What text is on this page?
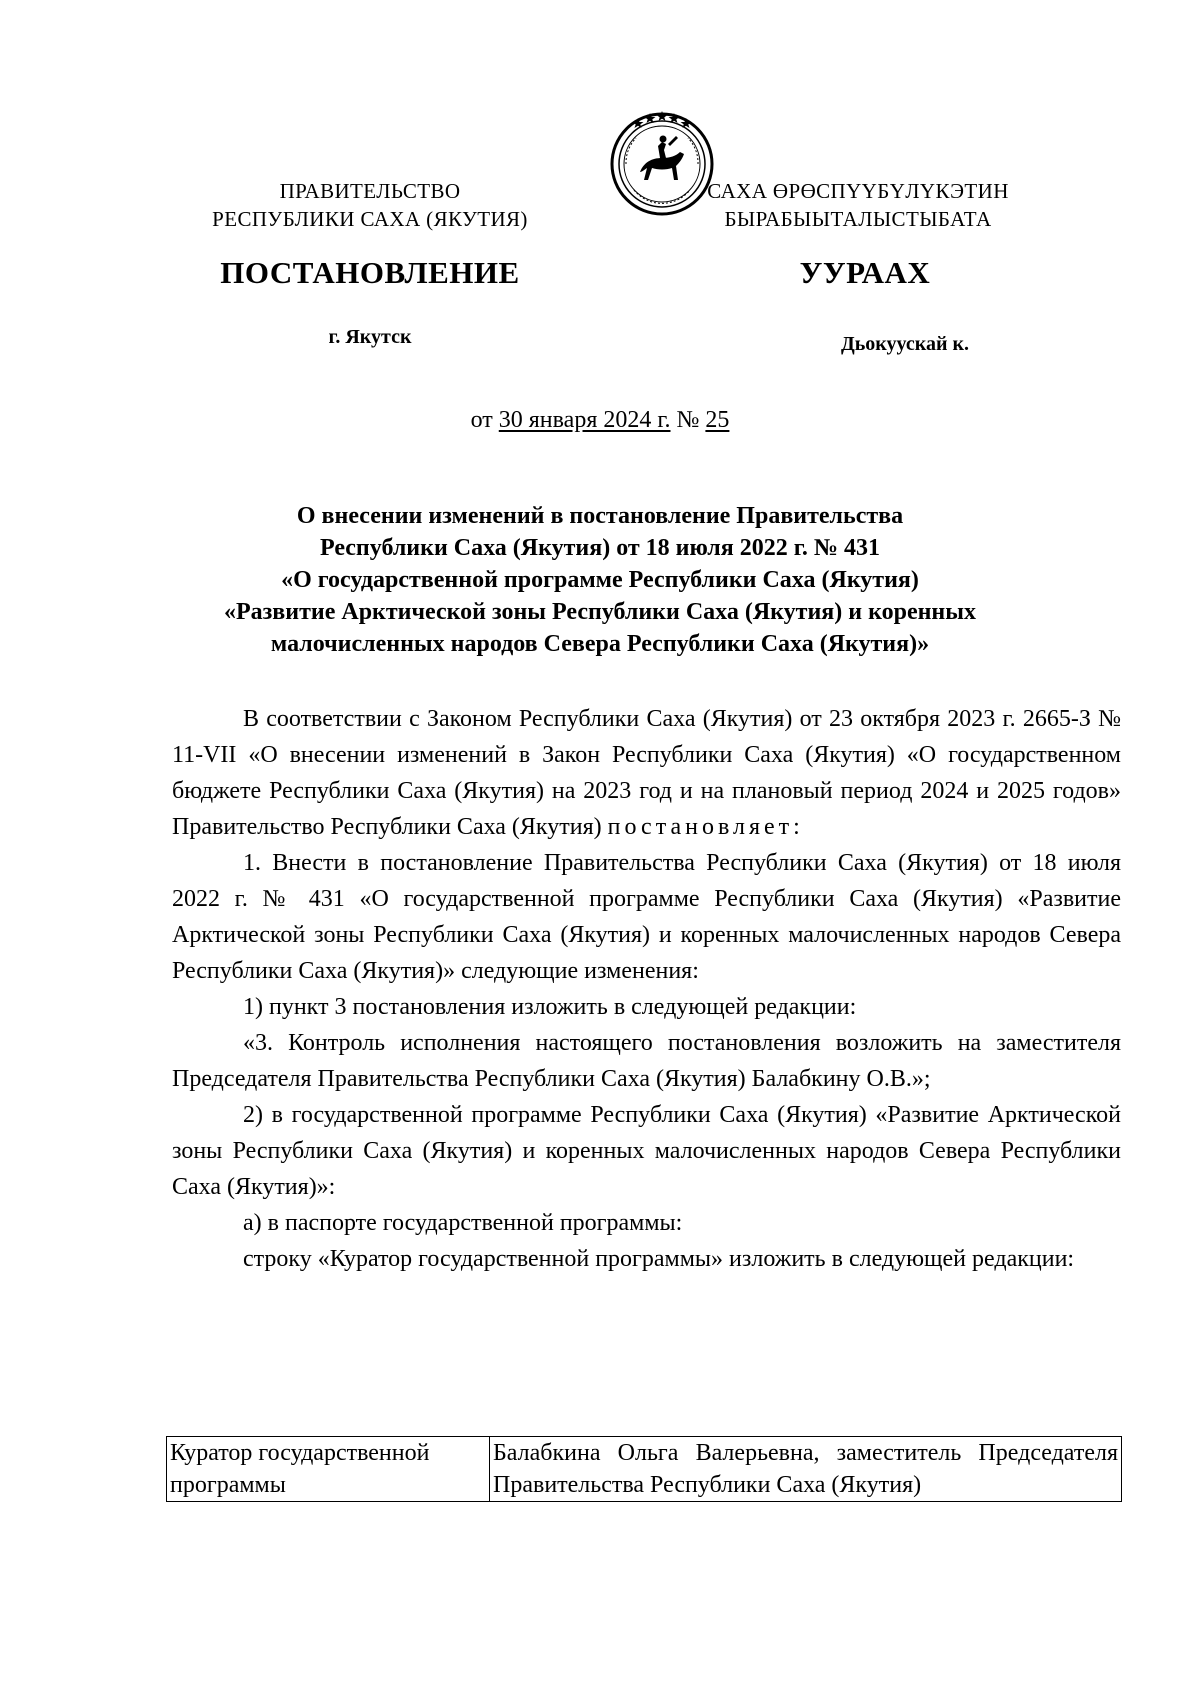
ПРАВИТЕЛЬСТВО
РЕСПУБЛИКИ САХА (ЯКУТИЯ)
САХА ӨРӨСПҮҮБҮЛҮКЭТИН
БЫРАБЫЫТАЛЫСТЫБАТА
ПОСТАНОВЛЕНИЕ	УУРААХ
г. Якутск	Дьокуускай к.
от 30 января 2024 г. № 25
О внесении изменений в постановление Правительства
Республики Саха (Якутия) от 18 июля 2022 г. № 431
«О государственной программе Республики Саха (Якутия)
«Развитие Арктической зоны Республики Саха (Якутия) и коренных
малочисленных народов Севера Республики Саха (Якутия)»

В соответствии с Законом Республики Саха (Якутия) от 23 октября 2023 г. 2665-З № 11-VII «О внесении изменений в Закон Республики Саха (Якутия) «О государственном бюджете Республики Саха (Якутия) на 2023 год и на плановый период 2024 и 2025 годов» Правительство Республики Саха (Якутия) постановляет:

1. Внести в постановление Правительства Республики Саха (Якутия) от 18 июля 2022 г. № 431 «О государственной программе Республики Саха (Якутия) «Развитие Арктической зоны Республики Саха (Якутия) и коренных малочисленных народов Севера Республики Саха (Якутия)» следующие изменения:

1) пункт 3 постановления изложить в следующей редакции:

«3. Контроль исполнения настоящего постановления возложить на заместителя Председателя Правительства Республики Саха (Якутия) Балабкину О.В.»;

2) в государственной программе Республики Саха (Якутия) «Развитие Арктической зоны Республики Саха (Якутия) и коренных малочисленных народов Севера Республики Саха (Якутия)»:

а) в паспорте государственной программы:

строку «Куратор государственной программы» изложить в следующей редакции:

Куратор государственной программы	Балабкина Ольга Валерьевна, заместитель Председателя Правительства Республики Саха (Якутия)
